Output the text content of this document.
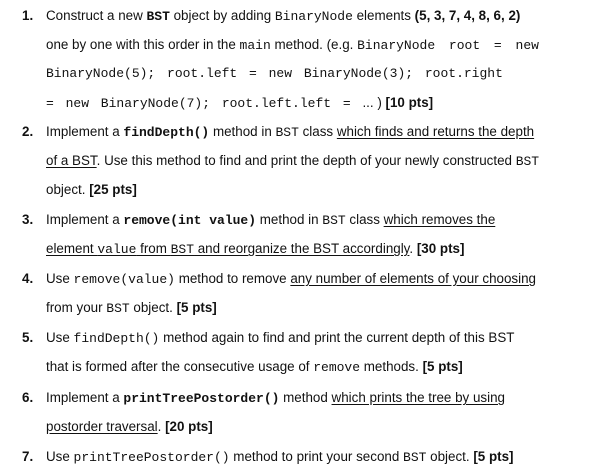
1. Construct a new BST object by adding BinaryNode elements (5, 3, 7, 4, 8, 6, 2)
one by one with this order in the main method. (e.g. BinaryNode root = new
BinaryNode(5); root.left = new BinaryNode(3); root.right
= new BinaryNode(7); root.left.left = ... ) [10 pts]
2. Implement a findDepth() method in BST class which finds and returns the depth
of a BST. Use this method to find and print the depth of your newly constructed BST
object. [25 pts]
3. Implement a remove(int value) method in BST class which removes the
element value from BST and reorganize the BST accordingly. [30 pts]
4. Use remove(value) method to remove any number of elements of your choosing
from your BST object. [5 pts]
5. Use findDepth() method again to find and print the current depth of this BST
that is formed after the consecutive usage of remove methods. [5 pts]
6. Implement a printTreePostorder() method which prints the tree by using
postorder traversal. [20 pts]
7. Use printTreePostorder() method to print your second BST object. [5 pts]
